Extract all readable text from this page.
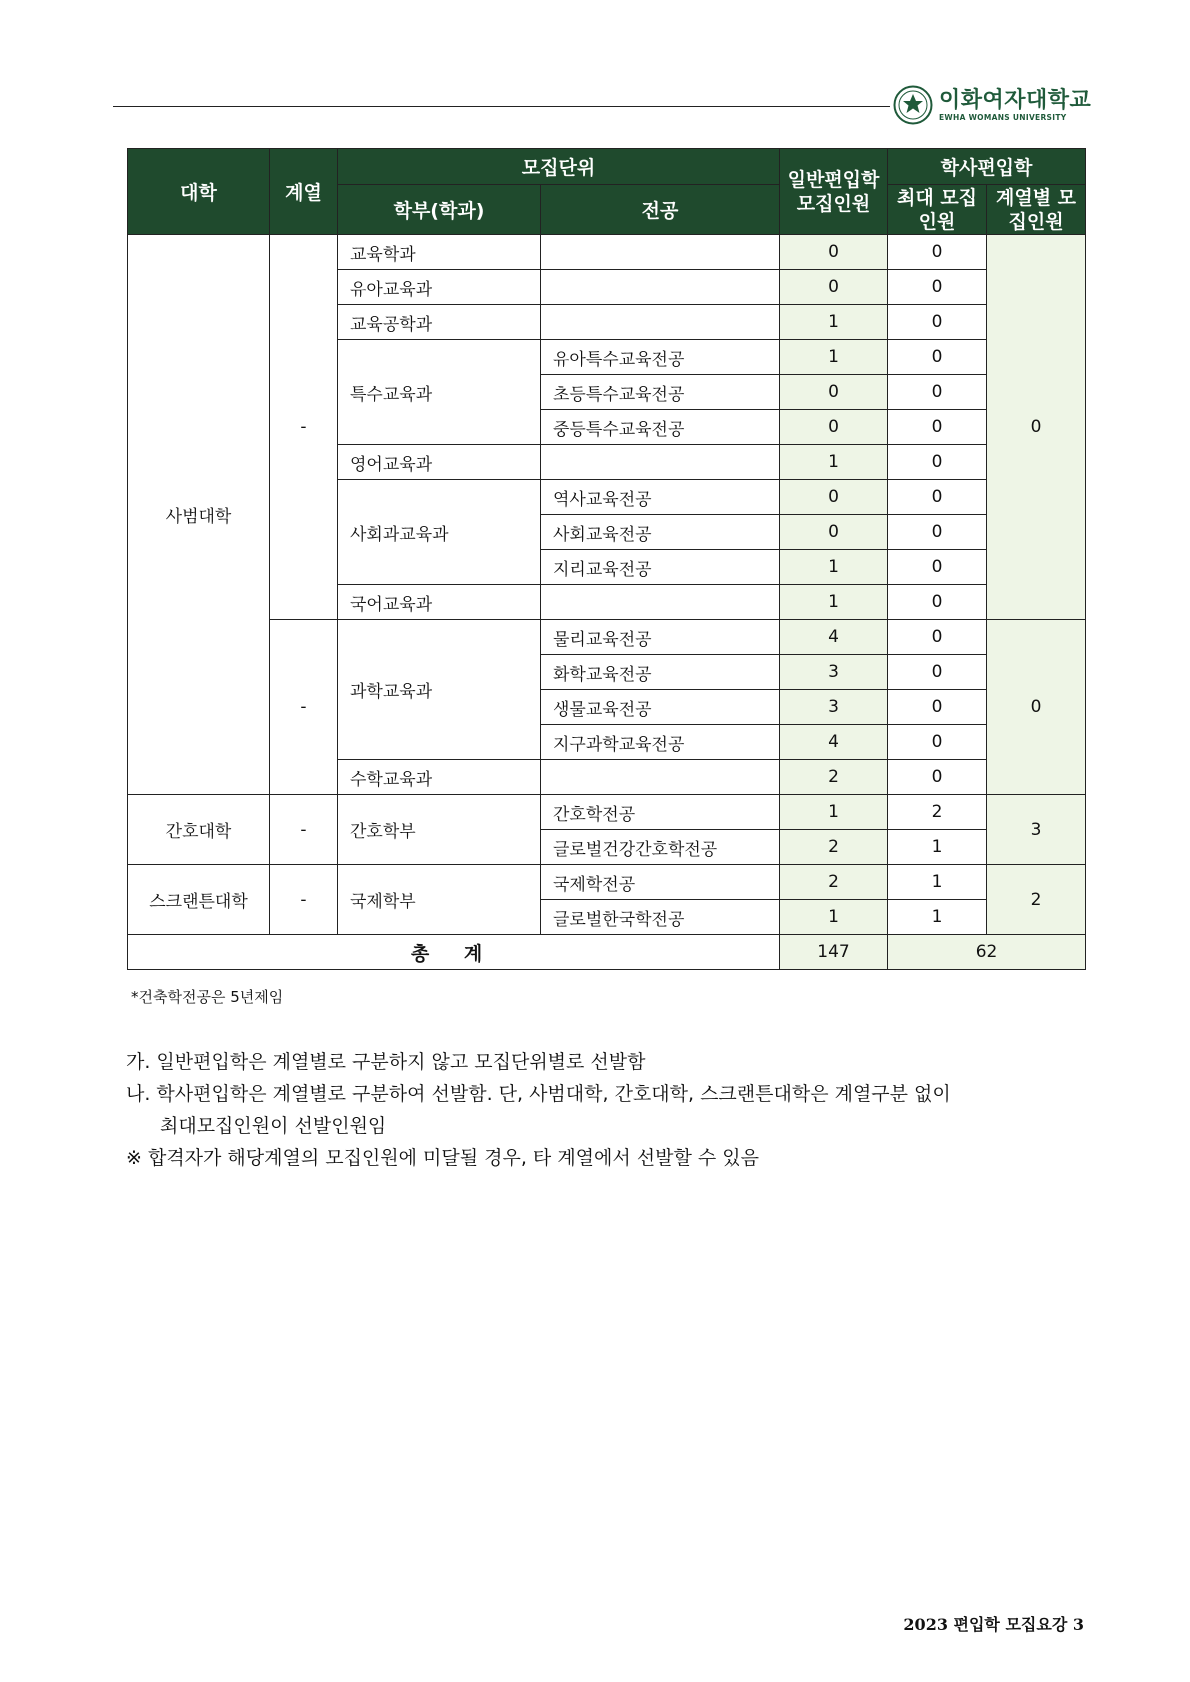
이화여자대학교
EWHA WOMANS UNIVERSITY
대학	계열	모집단위		일반편입학 모집인원	학사편입학	
		학부(학과)	전공		최대 모집인원	계열별 모집인원
사범대학	-	교육학과		0	0	0
		유아교육과		0	0	
		교육공학과		1	0	
		특수교육과	유아특수교육전공	1	0	
			초등특수교육전공	0	0	
			중등특수교육전공	0	0	
		영어교육과		1	0	
		사회과교육과	역사교육전공	0	0	
			사회교육전공	0	0	
			지리교육전공	1	0	
		국어교육과		1	0	
	-	과학교육과	물리교육전공	4	0	0
			화학교육전공	3	0	
			생물교육전공	3	0	
			지구과학교육전공	4	0	
		수학교육과		2	0	
간호대학	-	간호학부	간호학전공	1	2	3
			글로벌건강간호학전공	2	1	
스크랜튼대학	-	국제학부	국제학전공	2	1	2
			글로벌한국학전공	1	1	
총 계				147	62	
*건축학전공은 5년제임
가. 일반편입학은 계열별로 구분하지 않고 모집단위별로 선발함
나. 학사편입학은 계열별로 구분하여 선발함. 단, 사범대학, 간호대학, 스크랜튼대학은 계열구분 없이
최대모집인원이 선발인원임
※ 합격자가 해당계열의 모집인원에 미달될 경우, 타 계열에서 선발할 수 있음
2023 편입학 모집요강 3
